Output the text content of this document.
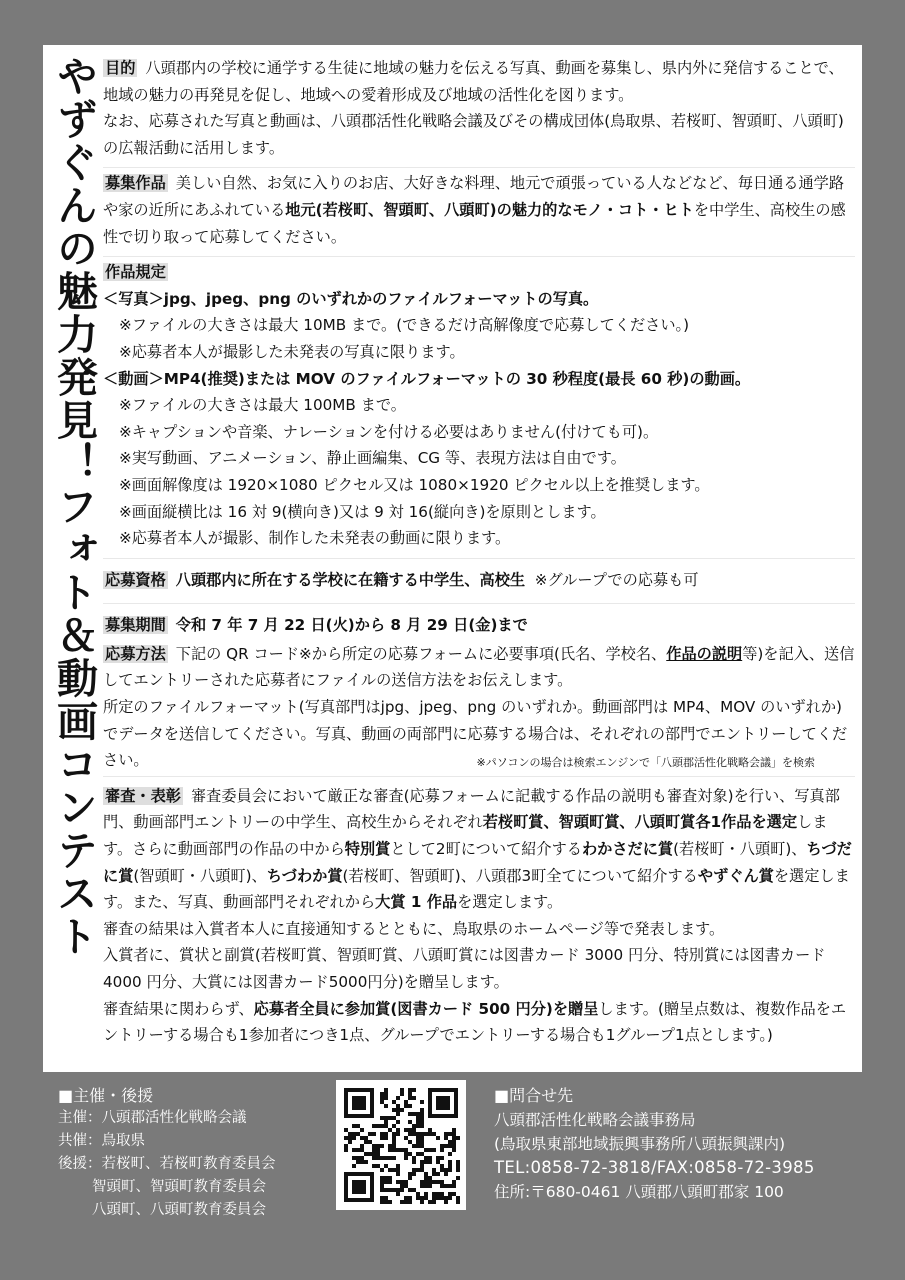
やずぐんの魅力発見！フォト＆動画コンテスト 目的 八頭郡内の学校に通学する生徒に地域の魅力を伝える写真、動画を募集し、県内外に発信することで、地域の魅力の再発見を促し、地域への愛着形成及び地域の活性化を図ります。
なお、応募された写真と動画は、八頭郡活性化戦略会議及びその構成団体(鳥取県、若桜町、智頭町、八頭町)の広報活動に活用します。
募集作品 美しい自然、お気に入りのお店、大好きな料理、地元で頑張っている人などなど、毎日通る通学路や家の近所にあふれている地元(若桜町、智頭町、八頭町)の魅力的なモノ・コト・ヒトを中学生、高校生の感性で切り取って応募してください。
作品規定

＜写真＞jpg、jpeg、png のいずれかのファイルフォーマットの写真。
※ファイルの大きさは最大 10MB まで。(できるだけ高解像度で応募してください。)
※応募者本人が撮影した未発表の写真に限ります。
＜動画＞MP4(推奨)または MOV のファイルフォーマットの 30 秒程度(最長 60 秒)の動画。
※ファイルの大きさは最大 100MB まで。
※キャプションや音楽、ナレーションを付ける必要はありません(付けても可)。
※実写動画、アニメーション、静止画編集、CG 等、表現方法は自由です。
※画面解像度は 1920×1080 ピクセル又は 1080×1920 ピクセル以上を推奨します。
※画面縦横比は 16 対 9(横向き)又は 9 対 16(縦向き)を原則とします。
※応募者本人が撮影、制作した未発表の動画に限ります。
応募資格 八頭郡内に所在する学校に在籍する中学生、高校生 ※グループでの応募も可
募集期間 令和 7 年 7 月 22 日(火)から 8 月 29 日(金)まで
応募方法 下記の QR コード※から所定の応募フォームに必要事項(氏名、学校名、作品の説明等)を記入、送信してエントリーされた応募者にファイルの送信方法をお伝えします。
所定のファイルフォーマット(写真部門はjpg、jpeg、png のいずれか。動画部門は MP4、MOV のいずれか)でデータを送信してください。写真、動画の両部門に応募する場合は、それぞれの部門でエントリーしてください。	※パソコンの場合は検索エンジンで「八頭郡活性化戦略会議」を検索
審査・表彰 審査委員会において厳正な審査(応募フォームに記載する作品の説明も審査対象)を行い、写真部門、動画部門エントリーの中学生、高校生からそれぞれ若桜町賞、智頭町賞、八頭町賞各1作品を選定します。さらに動画部門の作品の中から特別賞として2町について紹介するわかさだに賞(若桜町・八頭町)、ちづだに賞(智頭町・八頭町)、ちづわか賞(若桜町、智頭町)、八頭郡3町全てについて紹介するやずぐん賞を選定します。また、写真、動画部門それぞれから大賞 1 作品を選定します。
審査の結果は入賞者本人に直接通知するとともに、鳥取県のホームページ等で発表します。
入賞者に、賞状と副賞(若桜町賞、智頭町賞、八頭町賞には図書カード 3000 円分、特別賞には図書カード 4000 円分、大賞には図書カード5000円分)を贈呈します。
審査結果に関わらず、応募者全員に参加賞(図書カード 500 円分)を贈呈します。(贈呈点数は、複数作品をエントリーする場合も1参加者につき1点、グループでエントリーする場合も1グループ1点とします。)
■主催・後援
主催：八頭郡活性化戦略会議
共催：鳥取県
後援：若桜町、若桜町教育委員会
智頭町、智頭町教育委員会
八頭町、八頭町教育委員会
■問合せ先
八頭郡活性化戦略会議事務局
(鳥取県東部地域振興事務所八頭振興課内)
TEL:0858-72-3818/FAX:0858-72-3985
住所:〒680-0461 八頭郡八頭町郡家 100
